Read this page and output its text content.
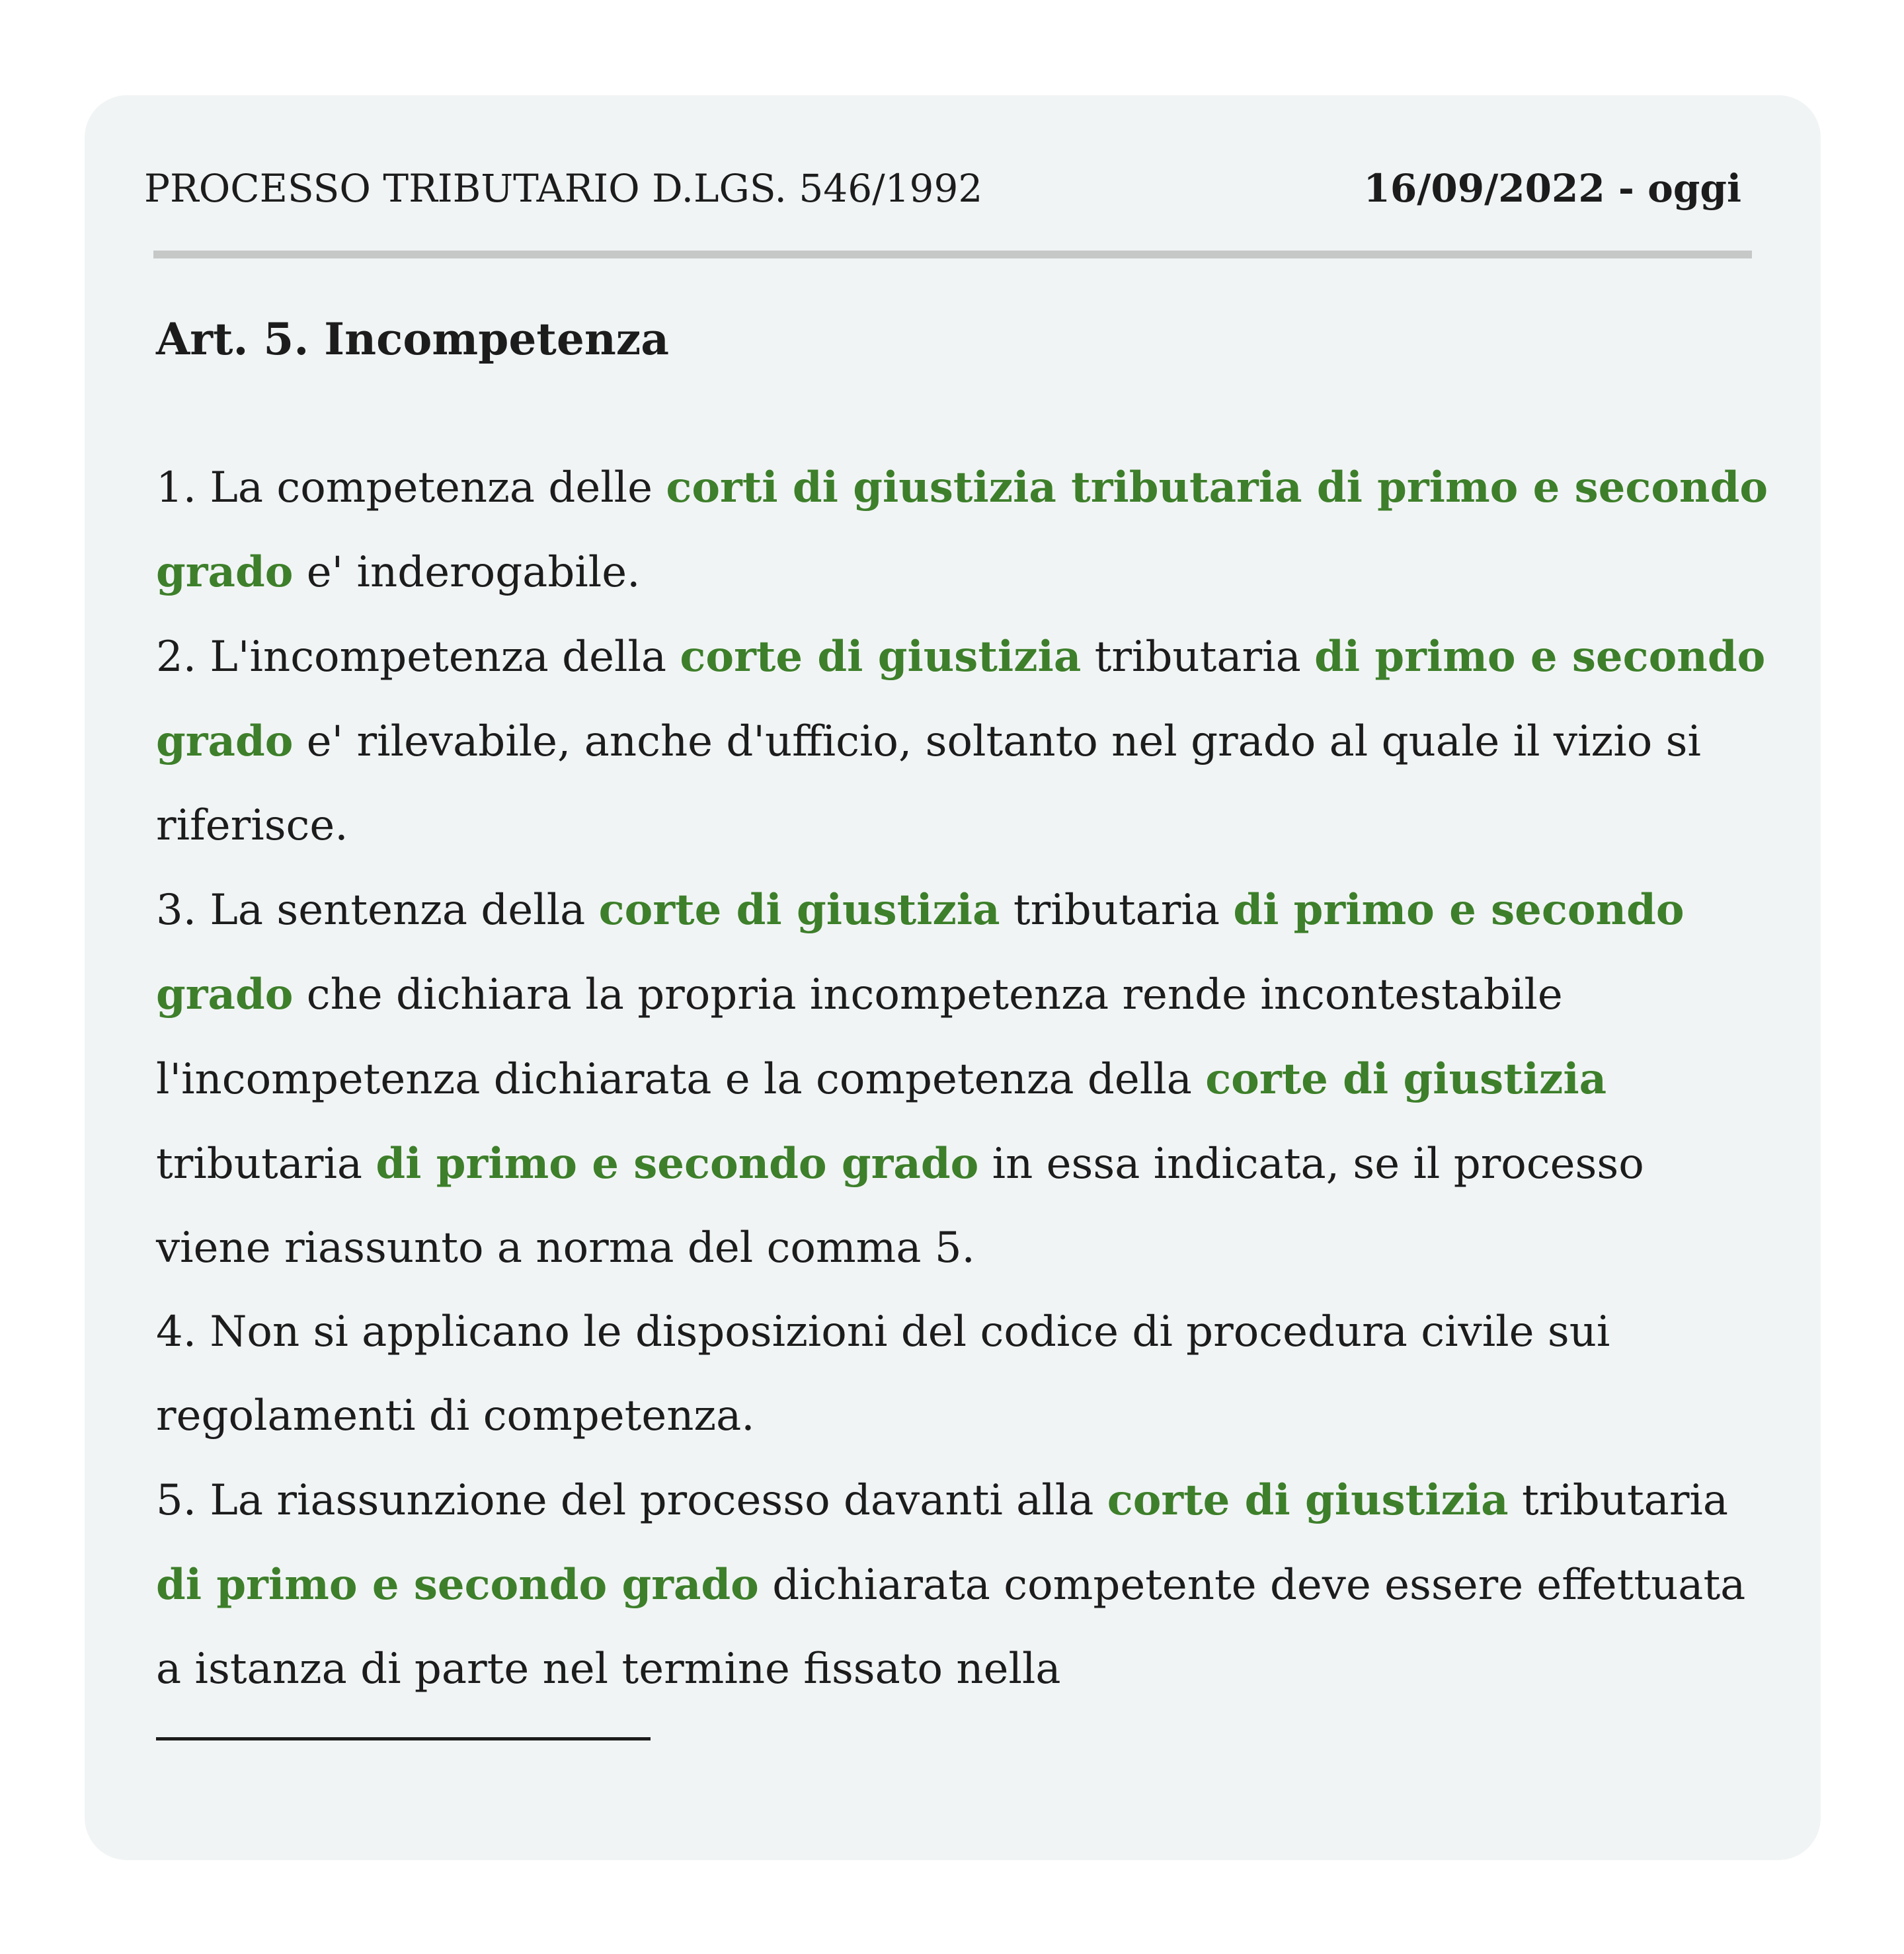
PROCESSO TRIBUTARIO D.LGS. 546/1992	16/09/2022 - oggi
Art. 5. Incompetenza

1. La competenza delle corti di giustizia tributaria di primo e secondo grado e' inderogabile.

2. L'incompetenza della corte di giustizia tributaria di primo e secondo grado e' rilevabile, anche d'ufficio, soltanto nel grado al quale il vizio si riferisce.

3. La sentenza della corte di giustizia tributaria di primo e secondo grado che dichiara la propria incompetenza rende incontestabile l'incompetenza dichiarata e la competenza della corte di giustizia tributaria di primo e secondo grado in essa indicata, se il processo viene riassunto a norma del comma 5.

4. Non si applicano le disposizioni del codice di procedura civile sui regolamenti di competenza.

5. La riassunzione del processo davanti alla corte di giustizia tributaria di primo e secondo grado dichiarata competente deve essere effettuata a istanza di parte nel termine fissato nella
